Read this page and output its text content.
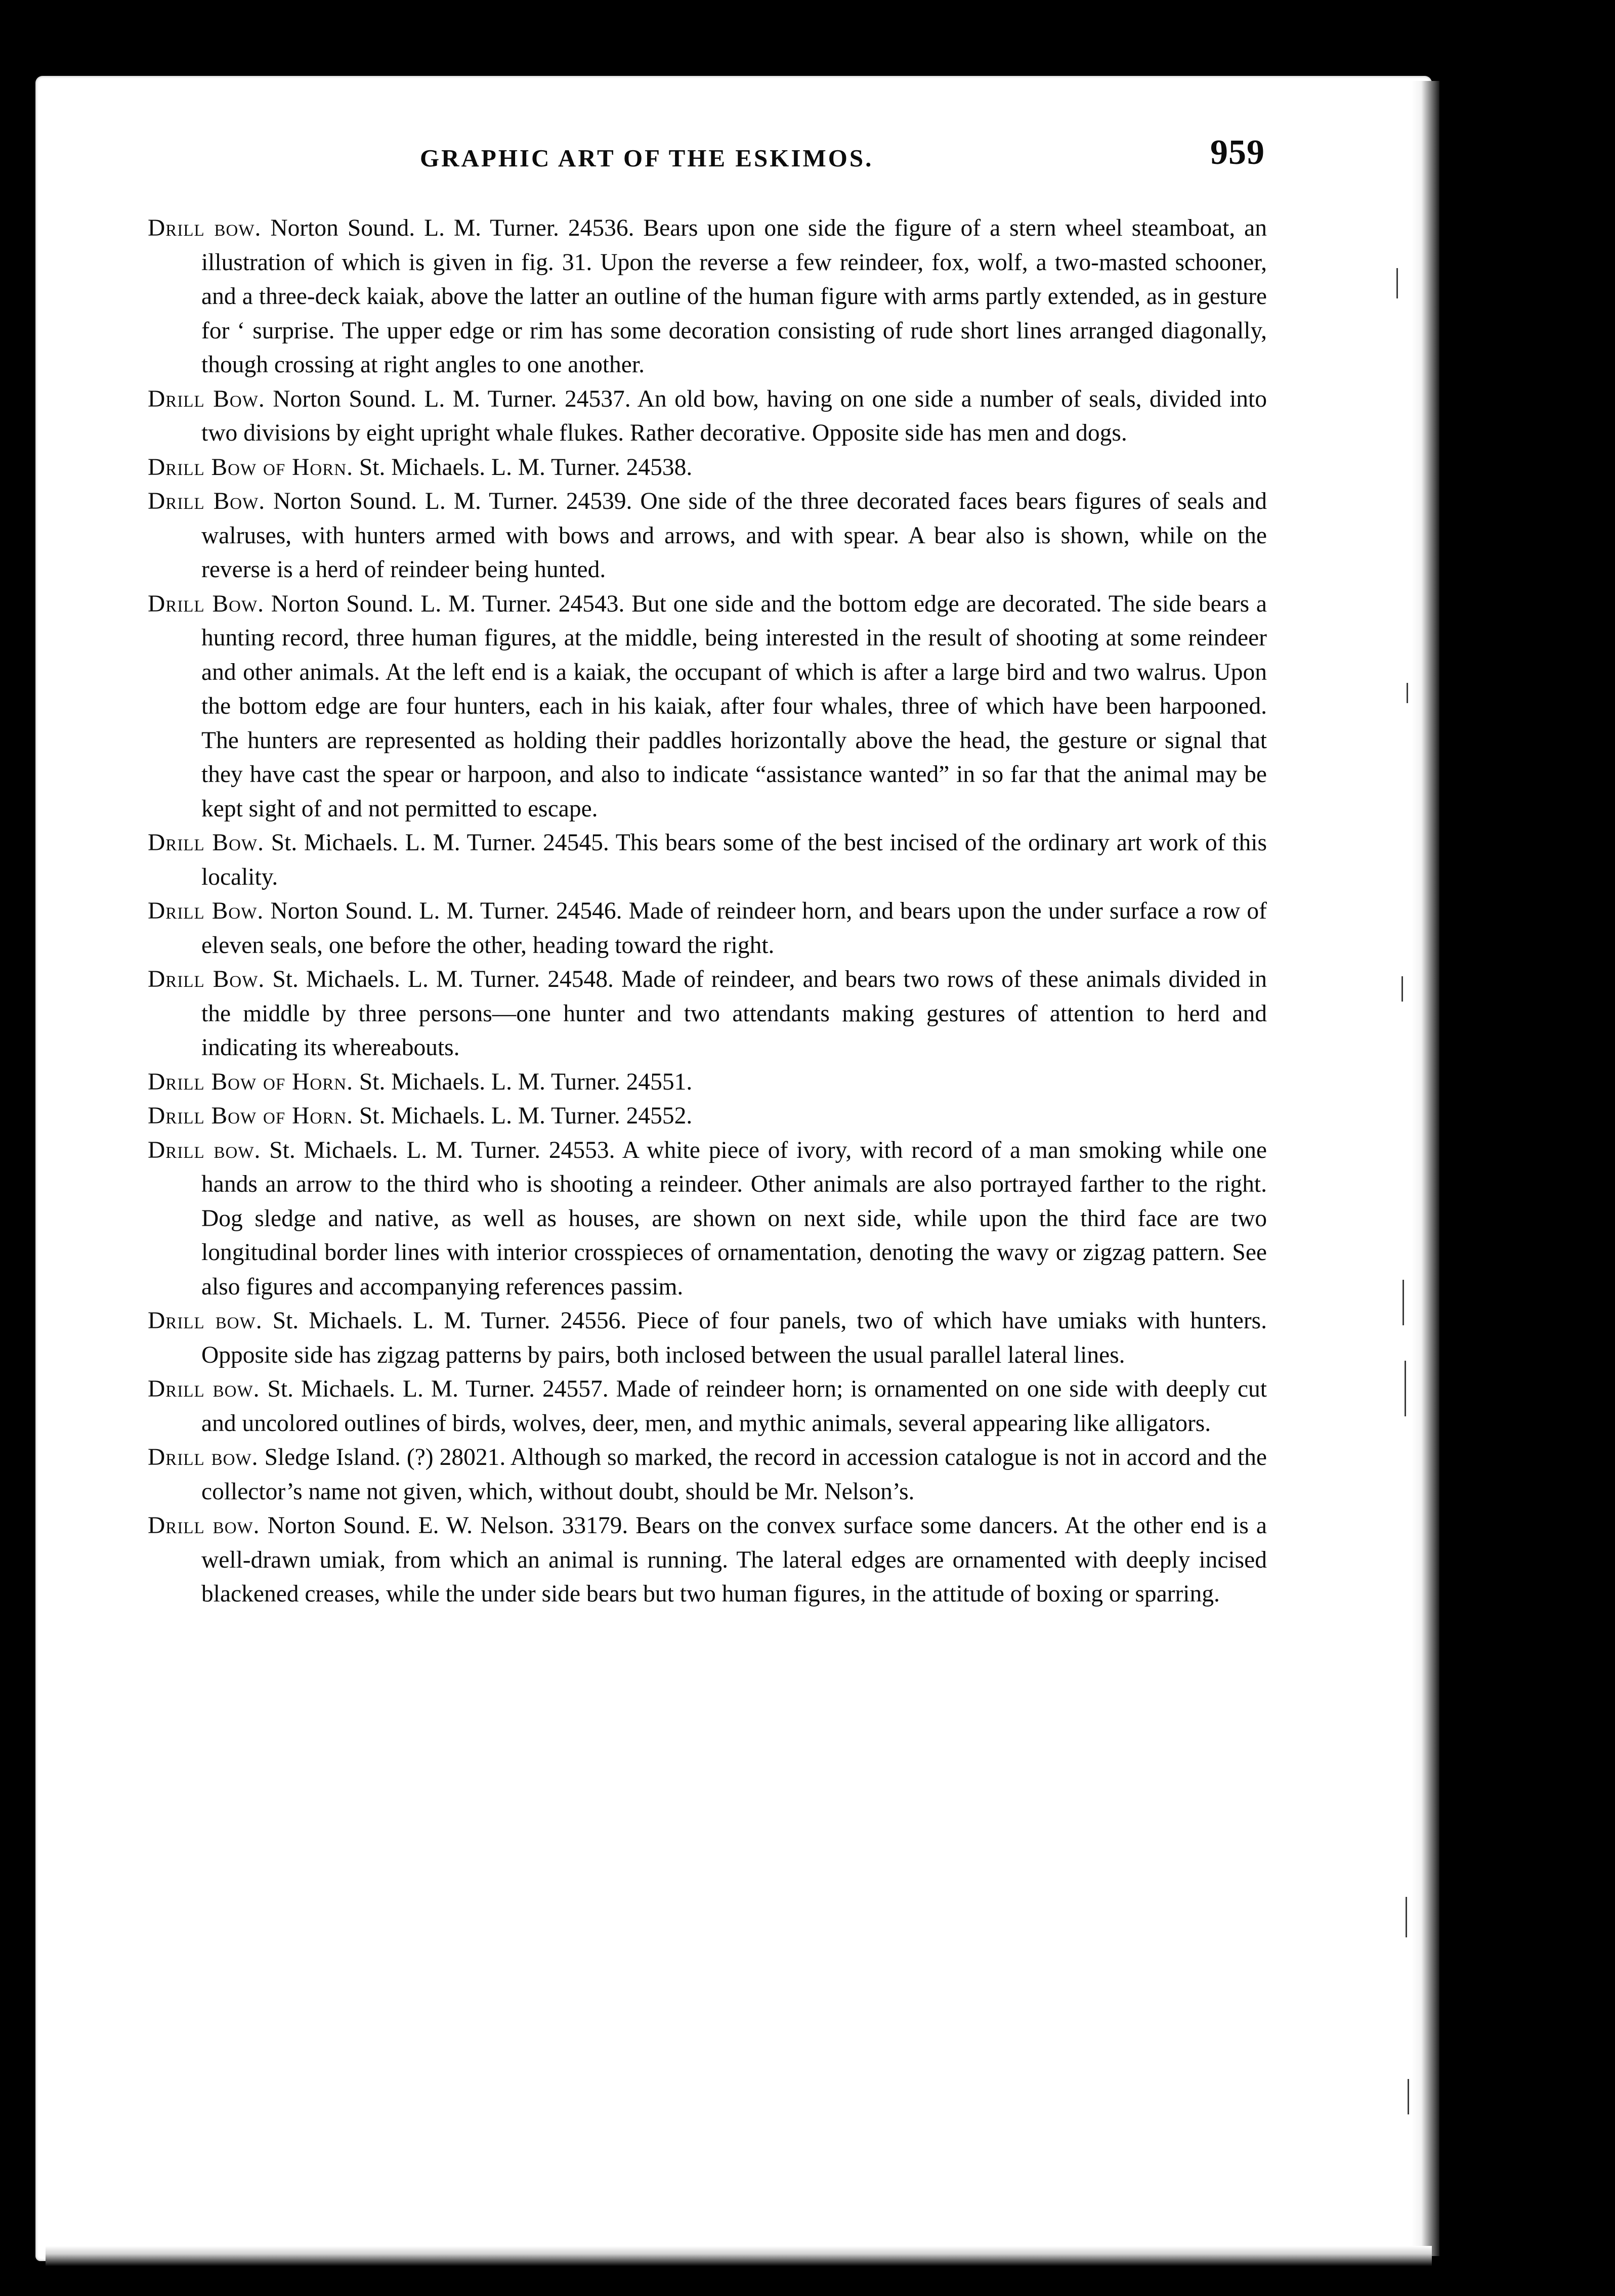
GRAPHIC ART OF THE ESKIMOS.	959

Drill bow. Norton Sound. L. M. Turner. 24536. Bears upon one side the figure of a stern wheel steamboat, an illustration of which is given in fig. 31. Upon the reverse a few reindeer, fox, wolf, a two-masted schooner, and a three-deck kaiak, above the latter an outline of the human figure with arms partly extended, as in gesture for ‘ surprise. The upper edge or rim has some decoration consisting of rude short lines arranged diagonally, though crossing at right angles to one another.

Drill Bow. Norton Sound. L. M. Turner. 24537. An old bow, having on one side a number of seals, divided into two divisions by eight upright whale flukes. Rather decorative. Opposite side has men and dogs.

Drill Bow of Horn. St. Michaels. L. M. Turner. 24538.

Drill Bow. Norton Sound. L. M. Turner. 24539. One side of the three decorated faces bears figures of seals and walruses, with hunters armed with bows and arrows, and with spear. A bear also is shown, while on the reverse is a herd of reindeer being hunted.

Drill Bow. Norton Sound. L. M. Turner. 24543. But one side and the bottom edge are decorated. The side bears a hunting record, three human figures, at the middle, being interested in the result of shooting at some reindeer and other animals. At the left end is a kaiak, the occupant of which is after a large bird and two walrus. Upon the bottom edge are four hunters, each in his kaiak, after four whales, three of which have been harpooned. The hunters are represented as holding their paddles horizontally above the head, the gesture or signal that they have cast the spear or harpoon, and also to indicate “assistance wanted” in so far that the animal may be kept sight of and not permitted to escape.

Drill Bow. St. Michaels. L. M. Turner. 24545. This bears some of the best incised of the ordinary art work of this locality.

Drill Bow. Norton Sound. L. M. Turner. 24546. Made of reindeer horn, and bears upon the under surface a row of eleven seals, one before the other, heading toward the right.

Drill Bow. St. Michaels. L. M. Turner. 24548. Made of reindeer, and bears two rows of these animals divided in the middle by three persons—one hunter and two attendants making gestures of attention to herd and indicating its whereabouts.

Drill Bow of Horn. St. Michaels. L. M. Turner. 24551.

Drill Bow of Horn. St. Michaels. L. M. Turner. 24552.

Drill bow. St. Michaels. L. M. Turner. 24553. A white piece of ivory, with record of a man smoking while one hands an arrow to the third who is shooting a reindeer. Other animals are also portrayed farther to the right. Dog sledge and native, as well as houses, are shown on next side, while upon the third face are two longitudinal border lines with interior crosspieces of ornamentation, denoting the wavy or zigzag pattern. See also figures and accompanying references passim.

Drill bow. St. Michaels. L. M. Turner. 24556. Piece of four panels, two of which have umiaks with hunters. Opposite side has zigzag patterns by pairs, both inclosed between the usual parallel lateral lines.

Drill bow. St. Michaels. L. M. Turner. 24557. Made of reindeer horn; is ornamented on one side with deeply cut and uncolored outlines of birds, wolves, deer, men, and mythic animals, several appearing like alligators.

Drill bow. Sledge Island. (?) 28021. Although so marked, the record in accession catalogue is not in accord and the collector’s name not given, which, without doubt, should be Mr. Nelson’s.

Drill bow. Norton Sound. E. W. Nelson. 33179. Bears on the convex surface some dancers. At the other end is a well-drawn umiak, from which an animal is running. The lateral edges are ornamented with deeply incised blackened creases, while the under side bears but two human figures, in the attitude of boxing or sparring.
